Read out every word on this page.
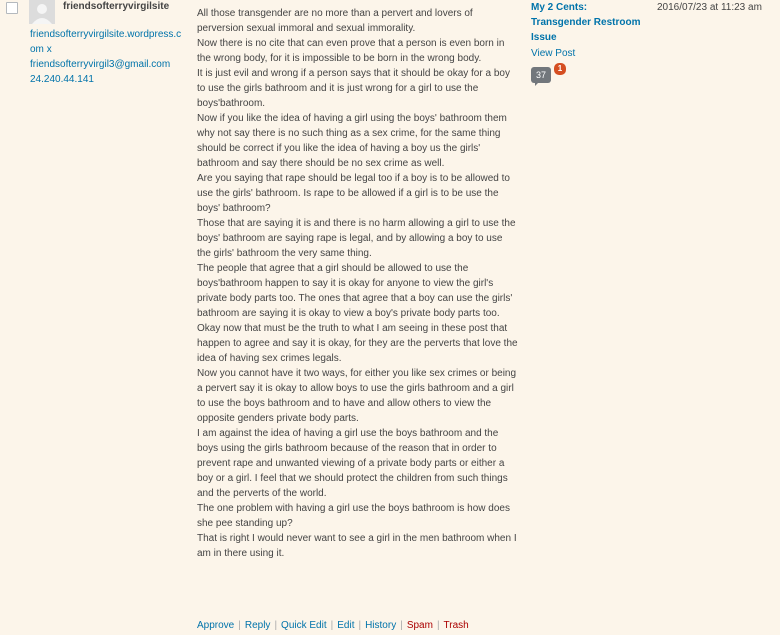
friendsofterryvirgilsite
friendsofterryvirgilsite.wordpress.com x
friendsofterryvirgil3@gmail.com
24.240.44.141

All those transgender are no more than a pervert and lovers of perversion sexual immoral and sexual immorality.

Now there is no cite that can even prove that a person is even born in the wrong body, for it is impossible to be born in the wrong body.

It is just evil and wrong if a person says that it should be okay for a boy to use the girls bathroom and it is just wrong for a girl to use the boys'bathroom.

Now if you like the idea of having a girl using the boys' bathroom them why not say there is no such thing as a sex crime, for the same thing should be correct if you like the idea of having a boy us the girls' bathroom and say there should be no sex crime as well.

Are you saying that rape should be legal too if a boy is to be allowed to use the girls' bathroom. Is rape to be allowed if a girl is to be use the boys' bathroom?

Those that are saying it is and there is no harm allowing a girl to use the boys' bathroom are saying rape is legal, and by allowing a boy to use the girls' bathroom the very same thing.

The people that agree that a girl should be allowed to use the boys'bathroom happen to say it is okay for anyone to view the girl's private body parts too. The ones that agree that a boy can use the girls' bathroom are saying it is okay to view a boy's private body parts too.

Okay now that must be the truth to what I am seeing in these post that happen to agree and say it is okay, for they are the perverts that love the idea of having sex crimes legals.

Now you cannot have it two ways, for either you like sex crimes or being a pervert say it is okay to allow boys to use the girls bathroom and a girl to use the boys bathroom and to have and allow others to view the opposite genders private body parts.

I am against the idea of having a girl use the boys bathroom and the boys using the girls bathroom because of the reason that in order to prevent rape and unwanted viewing of a private body parts or either a boy or a girl. I feel that we should protect the children from such things and the perverts of the world.

The one problem with having a girl use the boys bathroom is how does she pee standing up?

That is right I would never want to see a girl in the men bathroom when I am in there using it.

Approve | Reply | Quick Edit | Edit | History | Spam | Trash
My 2 Cents: Transgender Restroom Issue
View Post
37
1
2016/07/23 at 11:23 am
